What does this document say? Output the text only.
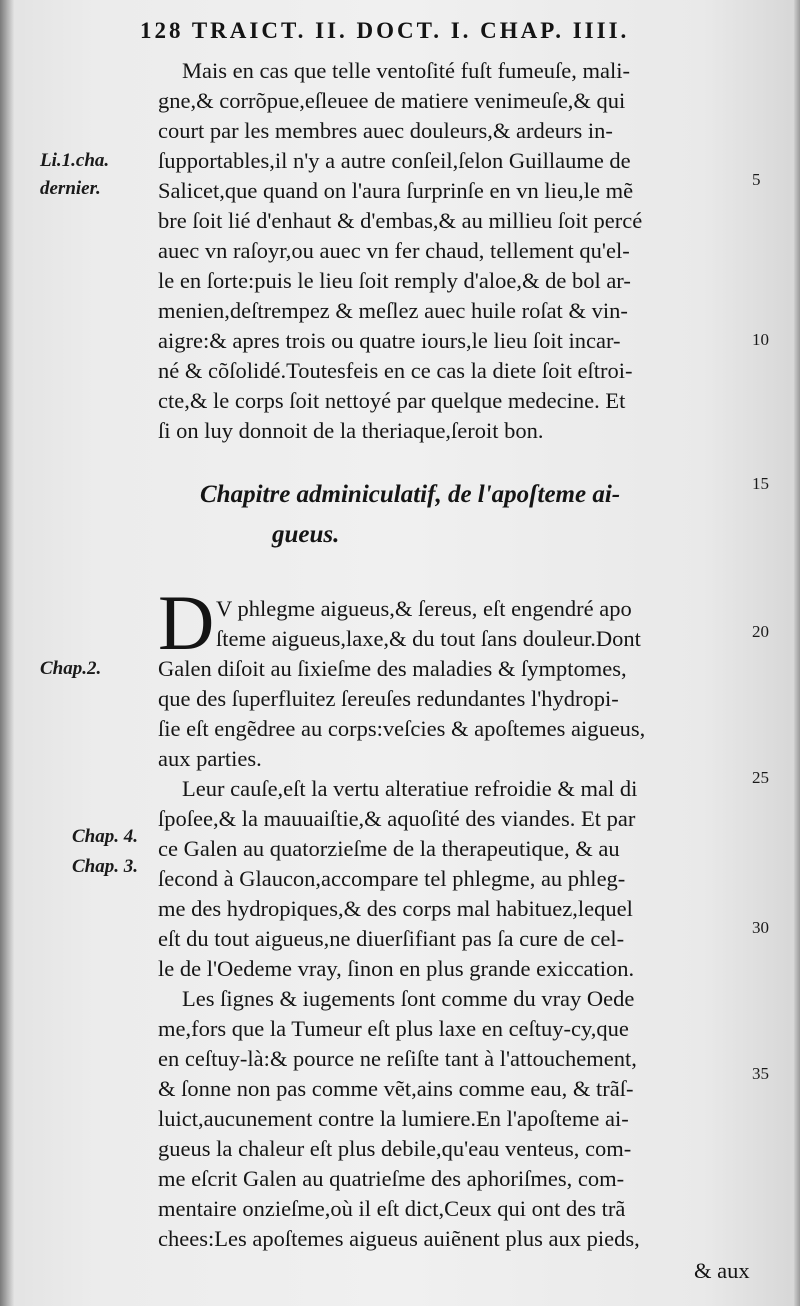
128 TRAICT. II. DOCT. I. CHAP. IIII.
Mais en cas que telle ventoſité fuſt fumeuſe, mali-
gne,& corrõpue,eſleuee de matiere venimeuſe,& qui
court par les membres auec douleurs,& ardeurs in-
ſupportables,il n'y a autre conſeil,ſelon Guillaume de
Salicet,que quand on l'aura ſurprinſe en vn lieu,le mẽ
bre ſoit lié d'enhaut & d'embas,& au millieu ſoit percé
auec vn raſoyr,ou auec vn fer chaud, tellement qu'el-
le en ſorte:puis le lieu ſoit remply d'aloe,& de bol ar-
menien,deſtrempez & meſlez auec huile roſat & vin-
aigre:& apres trois ou quatre iours,le lieu ſoit incar-
né & cõſolidé.Toutesfeis en ce cas la diete ſoit eſtroi-
cte,& le corps ſoit nettoyé par quelque medecine. Et
ſi on luy donnoit de la theriaque,ſeroit bon.
Chapitre adminiculatif, de l'apoſteme ai-
gueus.
D V phlegme aigueus,& ſereus, eſt engendré apo
ſteme aigueus,laxe,& du tout ſans douleur.Dont
Galen diſoit au ſixieſme des maladies & ſymptomes,
que des ſuperfluitez ſereuſes redundantes l'hydropi-
ſie eſt engẽdree au corps:veſcies & apoſtemes aigueus,
aux parties.
Leur cauſe,eſt la vertu alteratiue refroidie & mal di
ſpoſee,& la mauuaiſtie,& aquoſité des viandes. Et par
ce Galen au quatorzieſme de la therapeutique, & au
ſecond à Glaucon,accompare tel phlegme, au phleg-
me des hydropiques,& des corps mal habituez,lequel
eſt du tout aigueus,ne diuerſifiant pas ſa cure de cel-
le de l'Oedeme vray, ſinon en plus grande exiccation.
Les ſignes & iugements ſont comme du vray Oede
me,fors que la Tumeur eſt plus laxe en ceſtuy-cy,que
en ceſtuy-là:& pource ne reſiſte tant à l'attouchement,
& ſonne non pas comme vẽt,ains comme eau, & trãſ-
luict,aucunement contre la lumiere.En l'apoſteme ai-
gueus la chaleur eſt plus debile,qu'eau venteus, com-
me eſcrit Galen au quatrieſme des aphoriſmes, com-
mentaire onzieſme,où il eſt dict,Ceux qui ont des trã
chees:Les apoſtemes aigueus auiẽnent plus aux pieds,
& aux
Li.1.cha.
dernier.
Chap.2.
Chap. 4.
Chap. 3.
5
10
15
20
25
30
35
